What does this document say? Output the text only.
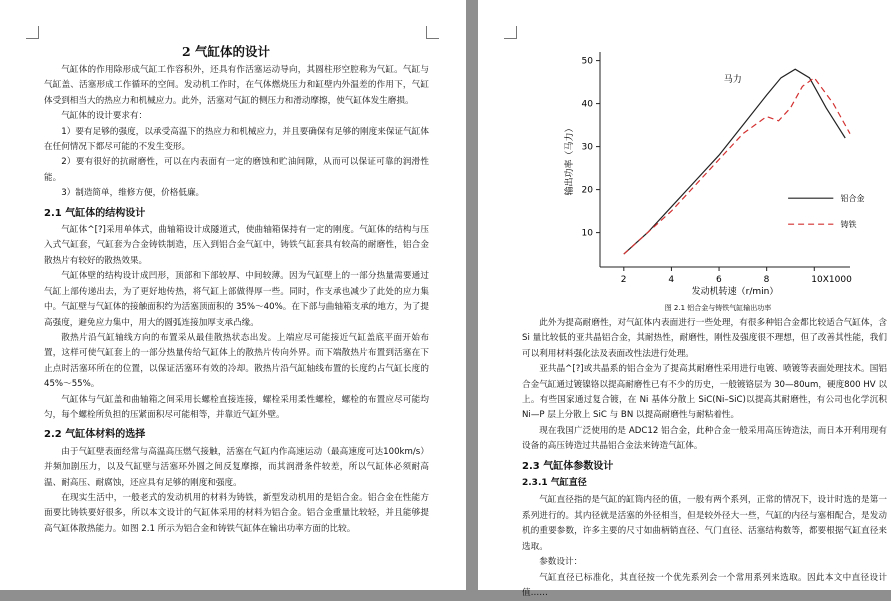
2 气缸体的设计

气缸体的作用除形成气缸工作容积外，还具有作活塞运动导向，其圆柱形空腔称为气缸。气缸与气缸盖、活塞形成工作循环的空间。发动机工作时，在气体燃烧压力和缸壁内外温差的作用下，气缸体受到相当大的热应力和机械应力。此外，活塞对气缸的侧压力和滑动摩擦，使气缸体发生磨损。

气缸体的设计要求有：

1）要有足够的强度，以承受高温下的热应力和机械应力，并且要确保有足够的刚度来保证气缸体在任何情况下都尽可能的不发生变形。

2）要有很好的抗耐磨性，可以在内表面有一定的磨蚀和贮油间隙，从而可以保证可靠的润滑性能。

3）制造简单，维修方便，价格低廉。

2.1 气缸体的结构设计

气缸体^[?]采用单体式，曲轴箱设计成隧道式，使曲轴箱保持有一定的刚度。气缸体的结构与压入式气缸套，气缸套为合金铸铁制造，压入到铝合金气缸中，铸铁气缸套具有较高的耐磨性，铝合金散热片有较好的散热效果。

气缸体壁的结构设计成凹形，顶部和下部较厚、中间较薄。因为气缸壁上的一部分热量需要通过气缸上部传递出去，为了更好地传热，将气缸上部做得厚一些。同时，作支承也减少了此处的应力集中。气缸壁与气缸体的接触面积约为活塞顶面积的 35%～40%。在下部与曲轴箱支承的地方，为了提高强度，避免应力集中，用大的圆弧连接加厚支承凸缘。

散热片沿气缸轴线方向的布置采从最佳散热状态出发。上端应尽可能接近气缸盖底平面开始布置，这样可使气缸套上的一部分热量传给气缸体上的散热片传向外界。而下端散热片布置到活塞在下止点时活塞环所在的位置，以保证活塞环有效的冷却。散热片沿气缸轴线布置的长度约占气缸长度的 45%～55%。

气缸体与气缸盖和曲轴箱之间采用长螺栓直接连接，螺栓采用柔性螺栓，螺栓的布置应尽可能均匀，每个螺栓所负担的压紧面积尽可能相等，并靠近气缸外壁。

2.2 气缸体材料的选择

由于气缸壁表面经常与高温高压燃气接触，活塞在气缸内作高速运动（最高速度可达100km/s）并频加剧压力，以及气缸壁与活塞环外圆之间反复摩擦，而其润滑条件较差，所以气缸体必须耐高温、耐高压、耐腐蚀，还应具有足够的刚度和强度。

在现实生活中，一般老式的发动机用的材料为铸铁，新型发动机用的是铝合金。铝合金在性能方面要比铸铁要好很多，所以本文设计的气缸体采用的材料为铝合金。铝合金重量比较轻，并且能够提高气缸体散热能力。如图 2.1 所示为铝合金和铸铁气缸体在输出功率方面的比较。

10
20
30
40
50
2	4	6	8	10X1000
输出功率（马力）
发动机转速（r/min）
马力
铝合金
铸铁
图 2.1 铝合金与铸铁气缸输出功率

此外为提高耐磨性，对气缸体内表面进行一些处理，有很多种铝合金都比较适合气缸体，含 Si 量比较低的亚共晶铝合金，其耐热性，耐磨性，刚性及强度很不理想，但了改善其性能，我们可以利用材料强化法及表面改性法进行处理。

亚共晶^[?]或共晶系的铝合金为了提高其耐磨性采用进行电镀、喷镀等表面处理技术。国铝合金气缸通过镀镍铬以提高耐磨性已有不少的历史，一般镀铬层为 30—80um，硬度800 HV 以上。有些国家通过复合镀，在 Ni 基体分散上 SiC(Ni–SiC)以提高其耐磨性，有公司也化学沉积 Ni—P 层上分散上 SiC 与 BN 以提高耐磨性与耐粘着性。

现在我国广泛使用的是 ADC12 铝合金，此种合金一般采用高压铸造法，而日本开利用现有设备的高压铸造过共晶铝合金法来铸造气缸体。

2.3 气缸体参数设计
2.3.1 气缸直径

气缸直径指的是气缸的缸筒内径的值，一般有两个系列，正常的情况下，设计时选的是第一系列进行的。其内径就是活塞的外径相当，但是较外径大一些，气缸的内径与塞相配合，是发动机的重要参数，许多主要的尺寸如曲柄销直径、气门直径、活塞结构数等，都要根据气缸直径来选取。

参数设计：

气缸直径已标准化，其直径按一个优先系列会一个常用系列来选取。因此本文中直径设计值……
